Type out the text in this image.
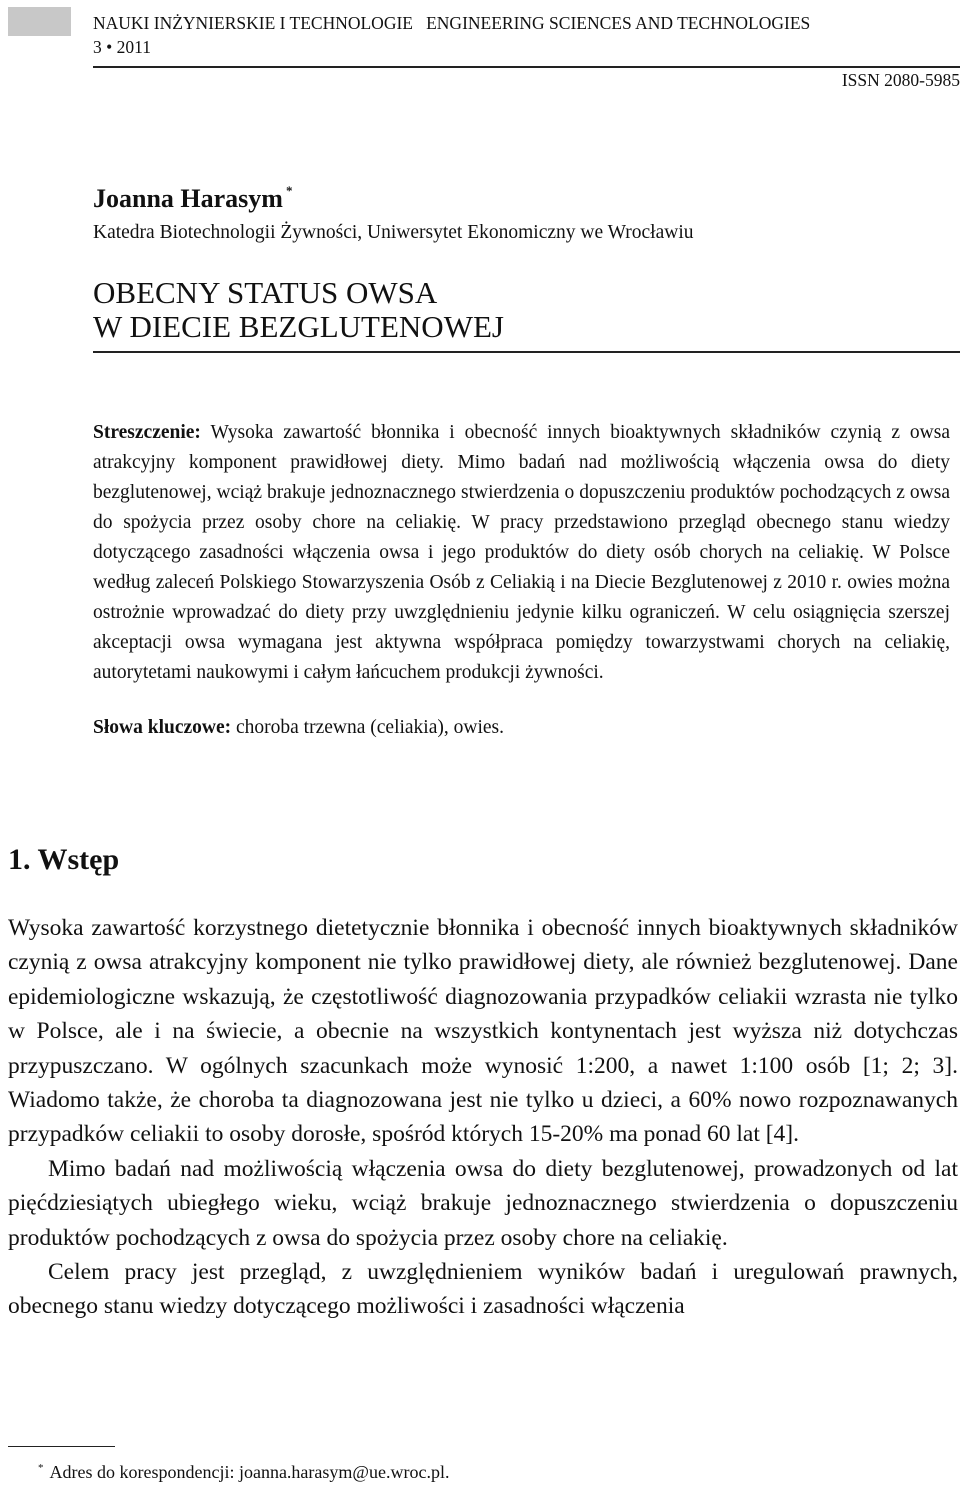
NAUKI INŻYNIERSKIE I TECHNOLOGIE   ENGINEERING SCIENCES AND TECHNOLOGIES
3 • 2011
ISSN 2080-5985
Joanna Harasym *
Katedra Biotechnologii Żywności, Uniwersytet Ekonomiczny we Wrocławiu
OBECNY STATUS OWSA
W DIECIE BEZGLUTENOWEJ
Streszczenie: Wysoka zawartość błonnika i obecność innych bioaktywnych składników czynią z owsa atrakcyjny komponent prawidłowej diety. Mimo badań nad możliwością włączenia owsa do diety bezglutenowej, wciąż brakuje jednoznacznego stwierdzenia o dopuszczeniu produktów pochodzących z owsa do spożycia przez osoby chore na celiakię. W pracy przedstawiono przegląd obecnego stanu wiedzy dotyczącego zasadności włączenia owsa i jego produktów do diety osób chorych na celiakię. W Polsce według zaleceń Polskiego Stowarzyszenia Osób z Celiakią i na Diecie Bezglutenowej z 2010 r. owies można ostrożnie wprowadzać do diety przy uwzględnieniu jedynie kilku ograniczeń. W celu osiągnięcia szerszej akceptacji owsa wymagana jest aktywna współpraca pomiędzy towarzystwami chorych na celiakię, autorytetami naukowymi i całym łańcuchem produkcji żywności.
Słowa kluczowe: choroba trzewna (celiakia), owies.
1. Wstęp

Wysoka zawartość korzystnego dietetycznie błonnika i obecność innych bioaktywnych składników czynią z owsa atrakcyjny komponent nie tylko prawidłowej diety, ale również bezglutenowej. Dane epidemiologiczne wskazują, że częstotliwość diagnozowania przypadków celiakii wzrasta nie tylko w Polsce, ale i na świecie, a obecnie na wszystkich kontynentach jest wyższa niż dotychczas przypuszczano. W ogólnych szacunkach może wynosić 1:200, a nawet 1:100 osób [1; 2; 3]. Wiadomo także, że choroba ta diagnozowana jest nie tylko u dzieci, a 60% nowo rozpoznawanych przypadków celiakii to osoby dorosłe, spośród których 15-20% ma ponad 60 lat [4].

Mimo badań nad możliwością włączenia owsa do diety bezglutenowej, prowadzonych od lat pięćdziesiątych ubiegłego wieku, wciąż brakuje jednoznacznego stwierdzenia o dopuszczeniu produktów pochodzących z owsa do spożycia przez osoby chore na celiakię.

Celem pracy jest przegląd, z uwzględnieniem wyników badań i uregulowań prawnych, obecnego stanu wiedzy dotyczącego możliwości i zasadności włączenia

* Adres do korespondencji: joanna.harasym@ue.wroc.pl.
